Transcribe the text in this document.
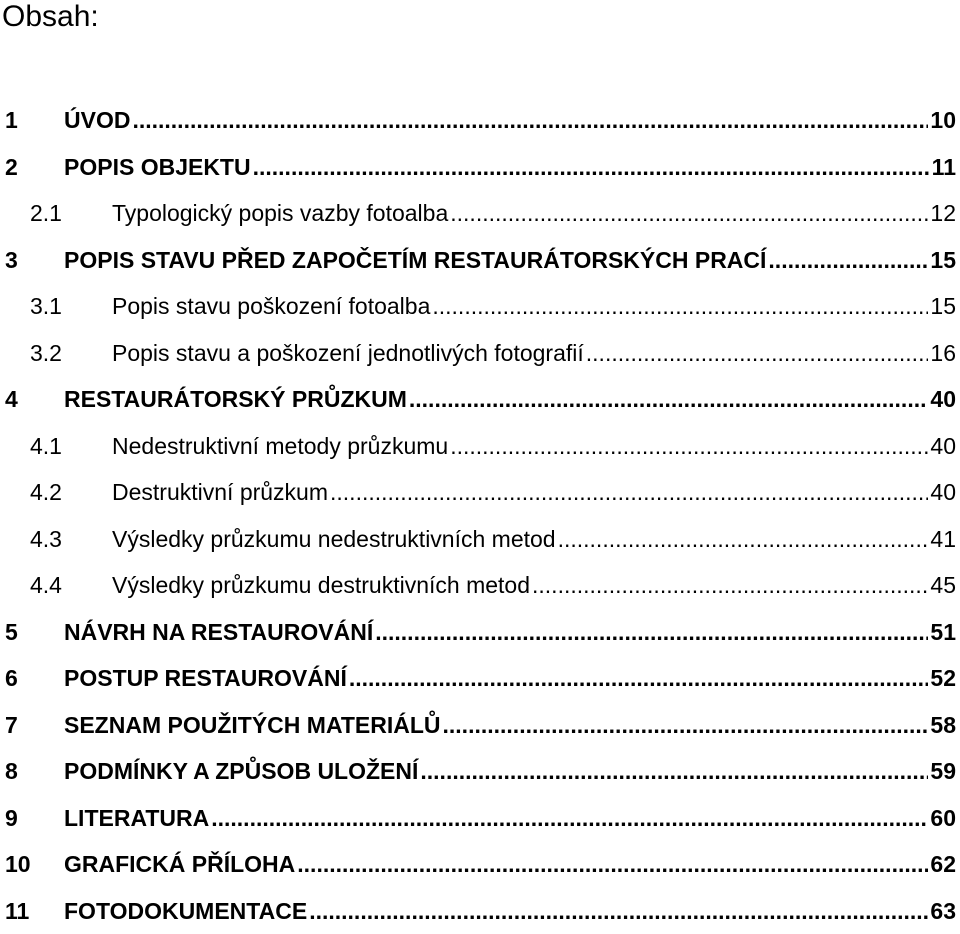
Obsah:
1	ÚVOD .....	10
2	POPIS OBJEKTU .....	11
2.1	Typologický popis vazby fotoalba .....	12
3	POPIS STAVU PŘED ZAPOČETÍM RESTAURÁTORSKÝCH PRACÍ .....	15
3.1	Popis stavu poškození fotoalba .....	15
3.2	Popis stavu a poškození jednotlivých fotografií .....	16
4	RESTAURÁTORSKÝ PRŮZKUM .....	40
4.1	Nedestruktivní metody průzkumu .....	40
4.2	Destruktivní průzkum .....	40
4.3	Výsledky průzkumu nedestruktivních metod .....	41
4.4	Výsledky průzkumu destruktivních metod .....	45
5	NÁVRH NA RESTAUROVÁNÍ .....	51
6	POSTUP RESTAUROVÁNÍ .....	52
7	SEZNAM POUŽITÝCH MATERIÁLŮ .....	58
8	PODMÍNKY A ZPŮSOB ULOŽENÍ .....	59
9	LITERATURA .....	60
10	GRAFICKÁ PŘÍLOHA .....	62
11	FOTODOKUMENTACE .....	63
